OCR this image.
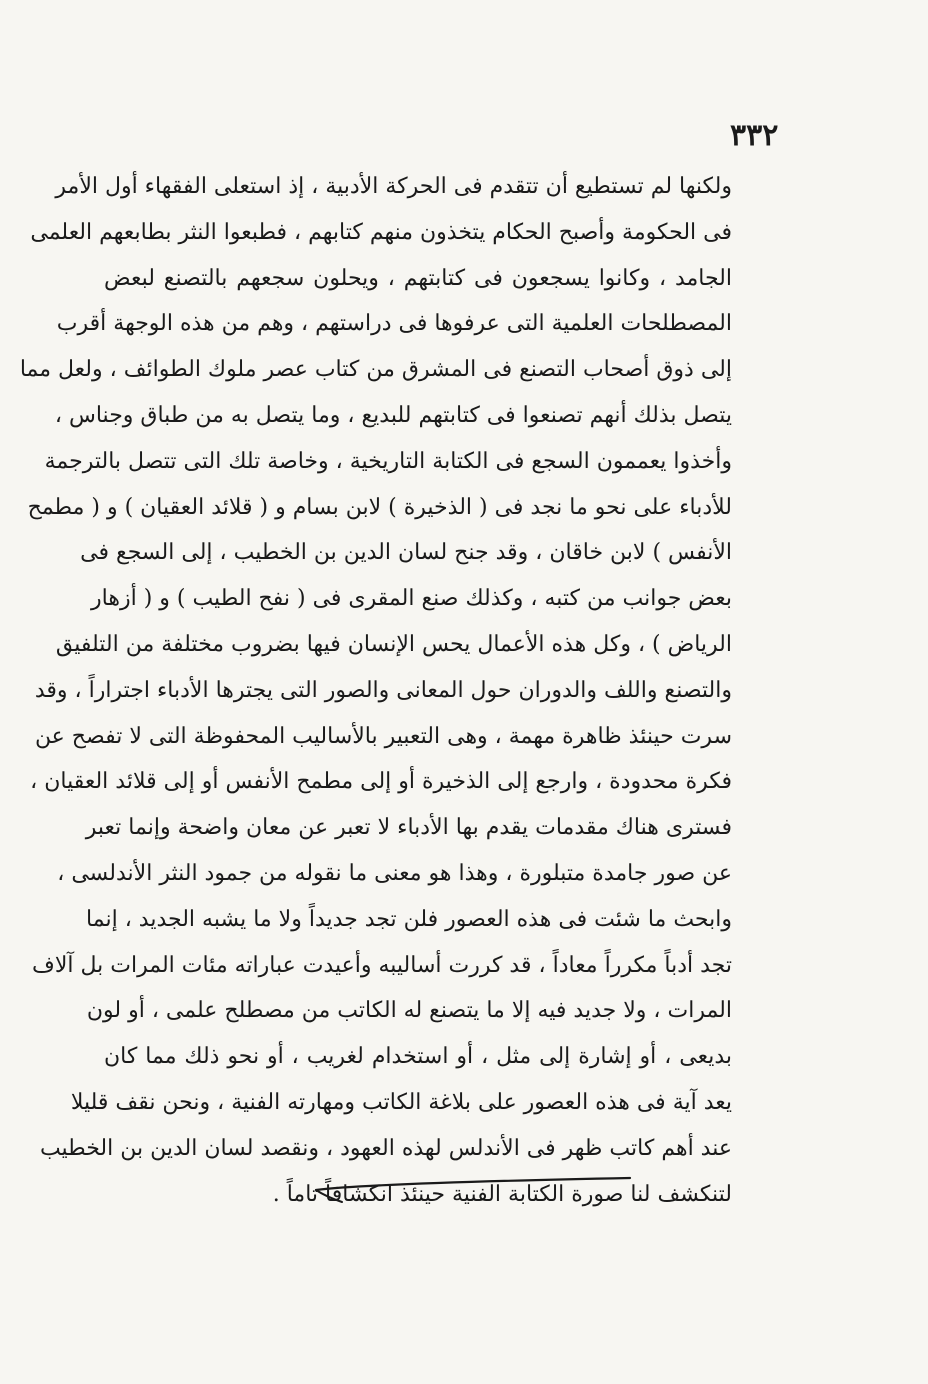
٣٣٢
ولكنها لم تستطيع أن تتقدم فى الحركة الأدبية ، إذ استعلى الفقهاء أول الأمر
فى الحكومة وأصبح الحكام يتخذون منهم كتابهم ، فطبعوا النثر بطابعهم العلمى
الجامد ، وكانوا يسجعون فى كتابتهم ، ويحلون سجعهم بالتصنع لبعض
المصطلحات العلمية التى عرفوها فى دراستهم ، وهم من هذه الوجهة أقرب
إلى ذوق أصحاب التصنع فى المشرق من كتاب عصر ملوك الطوائف ، ولعل مما
يتصل بذلك أنهم تصنعوا فى كتابتهم للبديع ، وما يتصل به من طباق وجناس ،
وأخذوا يعممون السجع فى الكتابة التاريخية ، وخاصة تلك التى تتصل بالترجمة
للأدباء على نحو ما نجد فى ( الذخيرة ) لابن بسام و ( قلائد العقيان ) و ( مطمح
الأنفس ) لابن خاقان ، وقد جنح لسان الدين بن الخطيب ، إلى السجع فى
بعض جوانب من كتبه ، وكذلك صنع المقرى فى ( نفح الطيب ) و ( أزهار
الرياض ) ، وكل هذه الأعمال يحس الإنسان فيها بضروب مختلفة من التلفيق
والتصنع واللف والدوران حول المعانى والصور التى يجترها الأدباء اجتراراً ، وقد
سرت حينئذ ظاهرة مهمة ، وهى التعبير بالأساليب المحفوظة التى لا تفصح عن
فكرة محدودة ، وارجع إلى الذخيرة أو إلى مطمح الأنفس أو إلى قلائد العقيان ،
فسترى هناك مقدمات يقدم بها الأدباء لا تعبر عن معان واضحة وإنما تعبر
عن صور جامدة متبلورة ، وهذا هو معنى ما نقوله من جمود النثر الأندلسى ،
وابحث ما شئت فى هذه العصور فلن تجد جديداً ولا ما يشبه الجديد ، إنما
تجد أدباً مكرراً معاداً ، قد كررت أساليبه وأعيدت عباراته مئات المرات بل آلاف
المرات ، ولا جديد فيه إلا ما يتصنع له الكاتب من مصطلح علمى ، أو لون
بديعى ، أو إشارة إلى مثل ، أو استخدام لغريب ، أو نحو ذلك مما كان
يعد آية فى هذه العصور على بلاغة الكاتب ومهارته الفنية ، ونحن نقف قليلا
عند أهم كاتب ظهر فى الأندلس لهذه العهود ، ونقصد لسان الدين بن الخطيب
لتنكشف لنا صورة الكتابة الفنية حينئذ انكشافاً تاماً .
